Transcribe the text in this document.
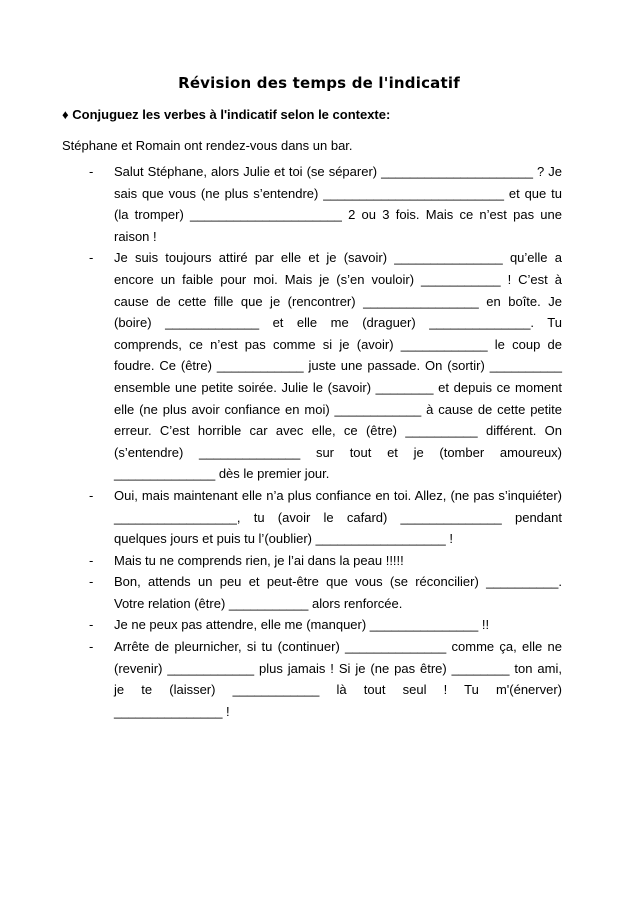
Révision des temps de l'indicatif
♦ Conjuguez les verbes à l'indicatif selon le contexte:
Stéphane et Romain ont rendez-vous dans un bar.
- Salut Stéphane, alors Julie et toi (se séparer) _____________________ ? Je
sais que vous (ne plus s’entendre) _________________________ et que tu
(la tromper) _____________________ 2 ou 3 fois. Mais ce n’est pas une
raison !
- Je suis toujours attiré par elle et je (savoir) _______________ qu’elle a
encore un faible pour moi. Mais je (s’en vouloir) ___________ ! C’est à
cause de cette fille que je (rencontrer) ________________ en boîte. Je
(boire) _____________ et elle me (draguer) ______________. Tu
comprends, ce n’est pas comme si je (avoir) ____________ le coup de
foudre. Ce (être) ____________ juste une passade. On (sortir) __________
ensemble une petite soirée. Julie le (savoir) ________ et depuis ce moment
elle (ne plus avoir confiance en moi) ____________ à cause de cette petite
erreur. C’est horrible car avec elle, ce (être) __________ différent. On
(s’entendre) ______________ sur tout et je (tomber amoureux)
______________ dès le premier jour.
- Oui, mais maintenant elle n’a plus confiance en toi. Allez, (ne pas s’inquiéter)
_________________, tu (avoir le cafard) ______________ pendant
quelques jours et puis tu l’(oublier) __________________ !
- Mais tu ne comprends rien, je l’ai dans la peau !!!!!
- Bon, attends un peu et peut-être que vous (se réconcilier) __________.
Votre relation (être) ___________ alors renforcée.
- Je ne peux pas attendre, elle me (manquer) _______________ !!
- Arrête de pleurnicher, si tu (continuer) ______________ comme ça, elle ne
(revenir) ____________ plus jamais ! Si je (ne pas être) ________ ton ami,
je te (laisser) ____________ là tout seul ! Tu m'(énerver)
_______________ !
